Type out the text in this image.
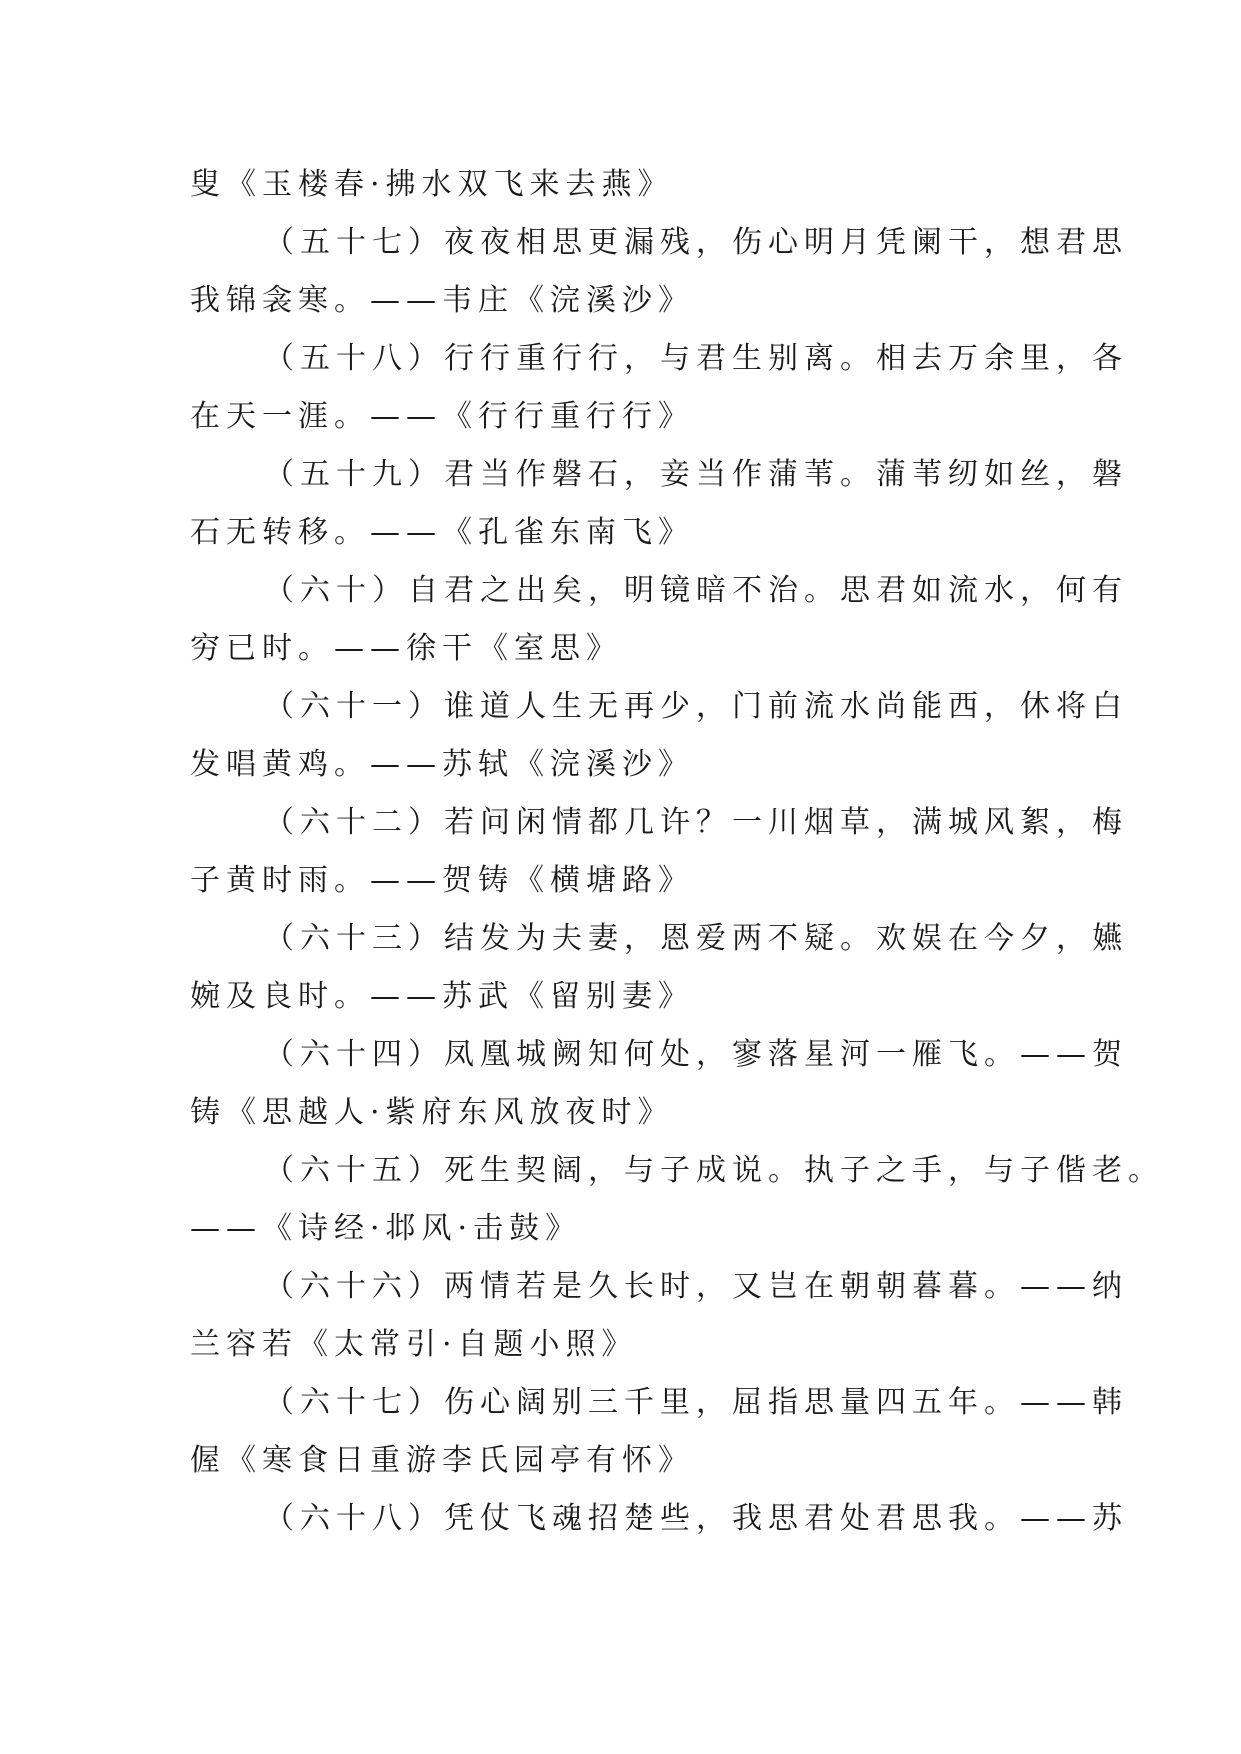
叟《玉楼春·拂水双飞来去燕》
（五十七）夜夜相思更漏残，伤心明月凭阑干，想君思
我锦衾寒。——韦庄《浣溪沙》
（五十八）行行重行行，与君生别离。相去万余里，各
在天一涯。——《行行重行行》
（五十九）君当作磐石，妾当作蒲苇。蒲苇纫如丝，磐
石无转移。——《孔雀东南飞》
（六十）自君之出矣，明镜暗不治。思君如流水，何有
穷已时。——徐干《室思》
（六十一）谁道人生无再少，门前流水尚能西，休将白
发唱黄鸡。——苏轼《浣溪沙》
（六十二）若问闲情都几许？一川烟草，满城风絮，梅
子黄时雨。——贺铸《横塘路》
（六十三）结发为夫妻，恩爱两不疑。欢娱在今夕，嬿
婉及良时。——苏武《留别妻》
（六十四）凤凰城阙知何处，寥落星河一雁飞。——贺
铸《思越人·紫府东风放夜时》
（六十五）死生契阔，与子成说。执子之手，与子偕老。
——《诗经·邶风·击鼓》
（六十六）两情若是久长时，又岂在朝朝暮暮。——纳
兰容若《太常引·自题小照》
（六十七）伤心阔别三千里，屈指思量四五年。——韩
偓《寒食日重游李氏园亭有怀》
（六十八）凭仗飞魂招楚些，我思君处君思我。——苏
